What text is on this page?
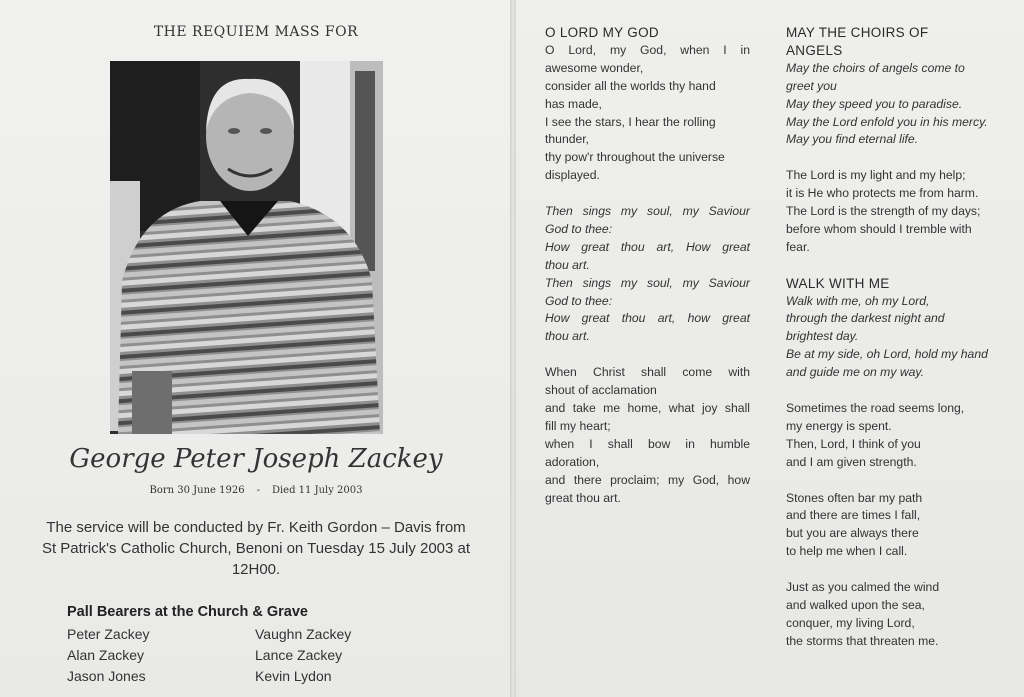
THE REQUIEM MASS FOR
George Peter Joseph Zackey
Born 30 June 1926 - Died 11 July 2003
The service will be conducted by Fr. Keith Gordon – Davis from
St Patrick's Catholic Church, Benoni on Tuesday 15 July 2003 at
12H00.
Pall Bearers at the Church & Grave
Peter Zackey	Vaughn Zackey
Alan Zackey	Lance Zackey
Jason Jones	Kevin Lydon
O LORD MY GOD
O Lord, my God, when I in
awesome wonder,
consider all the worlds thy hand
has made,
I see the stars, I hear the rolling
thunder,
thy pow'r throughout the universe
displayed.
Then sings my soul, my Saviour
God to thee:
How great thou art, How great
thou art.
Then sings my soul, my Saviour
God to thee:
How great thou art, how great
thou art.
When Christ shall come with
shout of acclamation
and take me home, what joy shall
fill my heart;
when I shall bow in humble
adoration,
and there proclaim; my God, how
great thou art.
MAY THE CHOIRS OF
ANGELS
May the choirs of angels come to
greet you
May they speed you to paradise.
May the Lord enfold you in his mercy.
May you find eternal life.
The Lord is my light and my help;
it is He who protects me from harm.
The Lord is the strength of my days;
before whom should I tremble with
fear.
WALK WITH ME
Walk with me, oh my Lord,
through the darkest night and
brightest day.
Be at my side, oh Lord, hold my hand
and guide me on my way.
Sometimes the road seems long,
my energy is spent.
Then, Lord, I think of you
and I am given strength.
Stones often bar my path
and there are times I fall,
but you are always there
to help me when I call.
Just as you calmed the wind
and walked upon the sea,
conquer, my living Lord,
the storms that threaten me.
